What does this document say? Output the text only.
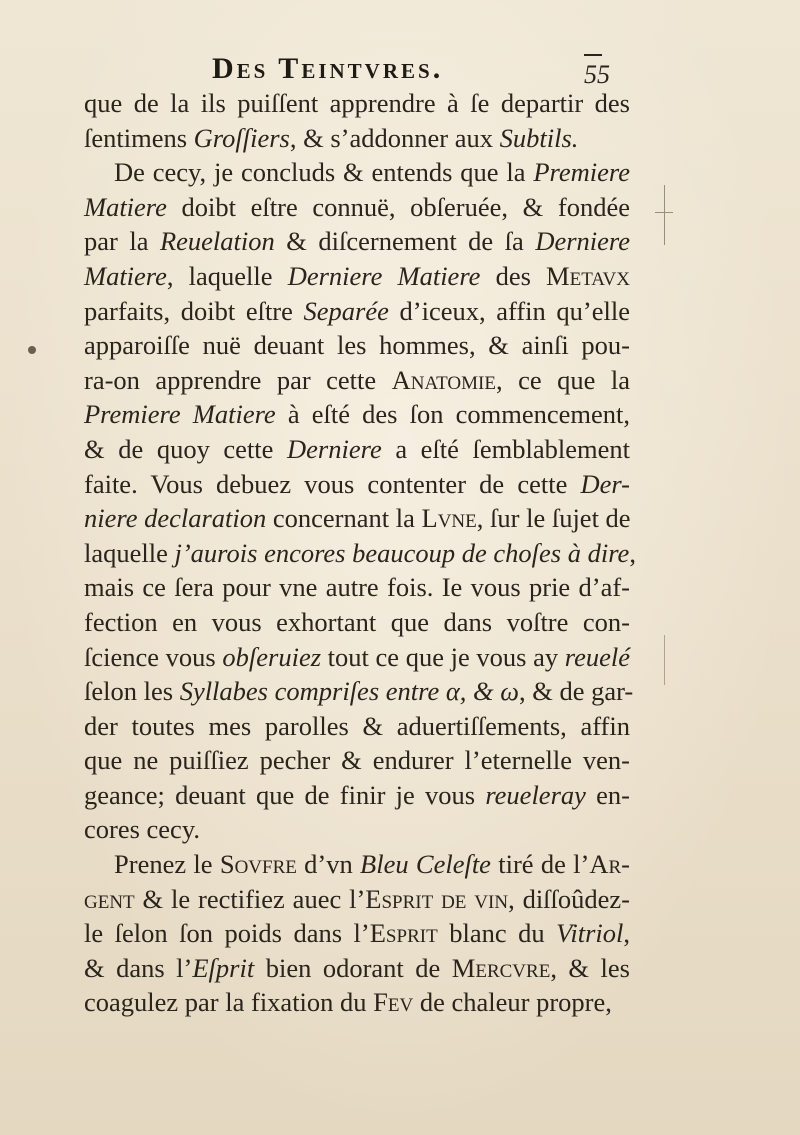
Des Teintvres.	55
que de la ils puiſſent apprendre à ſe departir des
ſentimens Groſſiers, & s’addonner aux Subtils.
De cecy, je concluds & entends que la Premiere
Matiere doibt eſtre connuë, obſeruée, & fondée
par la Reuelation & diſcernement de ſa Derniere
Matiere, laquelle Derniere Matiere des Metavx
parfaits, doibt eſtre Separée d’iceux, affin qu’elle
apparoiſſe nuë deuant les hommes, & ainſi pou-
ra-on apprendre par cette Anatomie, ce que la
Premiere Matiere à eſté des ſon commencement,
& de quoy cette Derniere a eſté ſemblablement
faite. Vous debuez vous contenter de cette Der-
niere declaration concernant la Lvne, ſur le ſujet de
laquelle j’aurois encores beaucoup de choſes à dire,
mais ce ſera pour vne autre fois. Ie vous prie d’af-
fection en vous exhortant que dans voſtre con-
ſcience vous obſeruiez tout ce que je vous ay reuelé
ſelon les Syllabes compriſes entre α, & ω, & de gar-
der toutes mes parolles & aduertiſſements, affin
que ne puiſſiez pecher & endurer l’eternelle ven-
geance; deuant que de finir je vous reueleray en-
cores cecy.
Prenez le Sovfre d’vn Bleu Celeſte tiré de l’Ar-
gent & le rectifiez auec l’Esprit de vin, diſſoûdez-
le ſelon ſon poids dans l’Esprit blanc du Vitriol,
& dans l’Eſprit bien odorant de Mercvre, & les
coagulez par la fixation du Fev de chaleur propre,
